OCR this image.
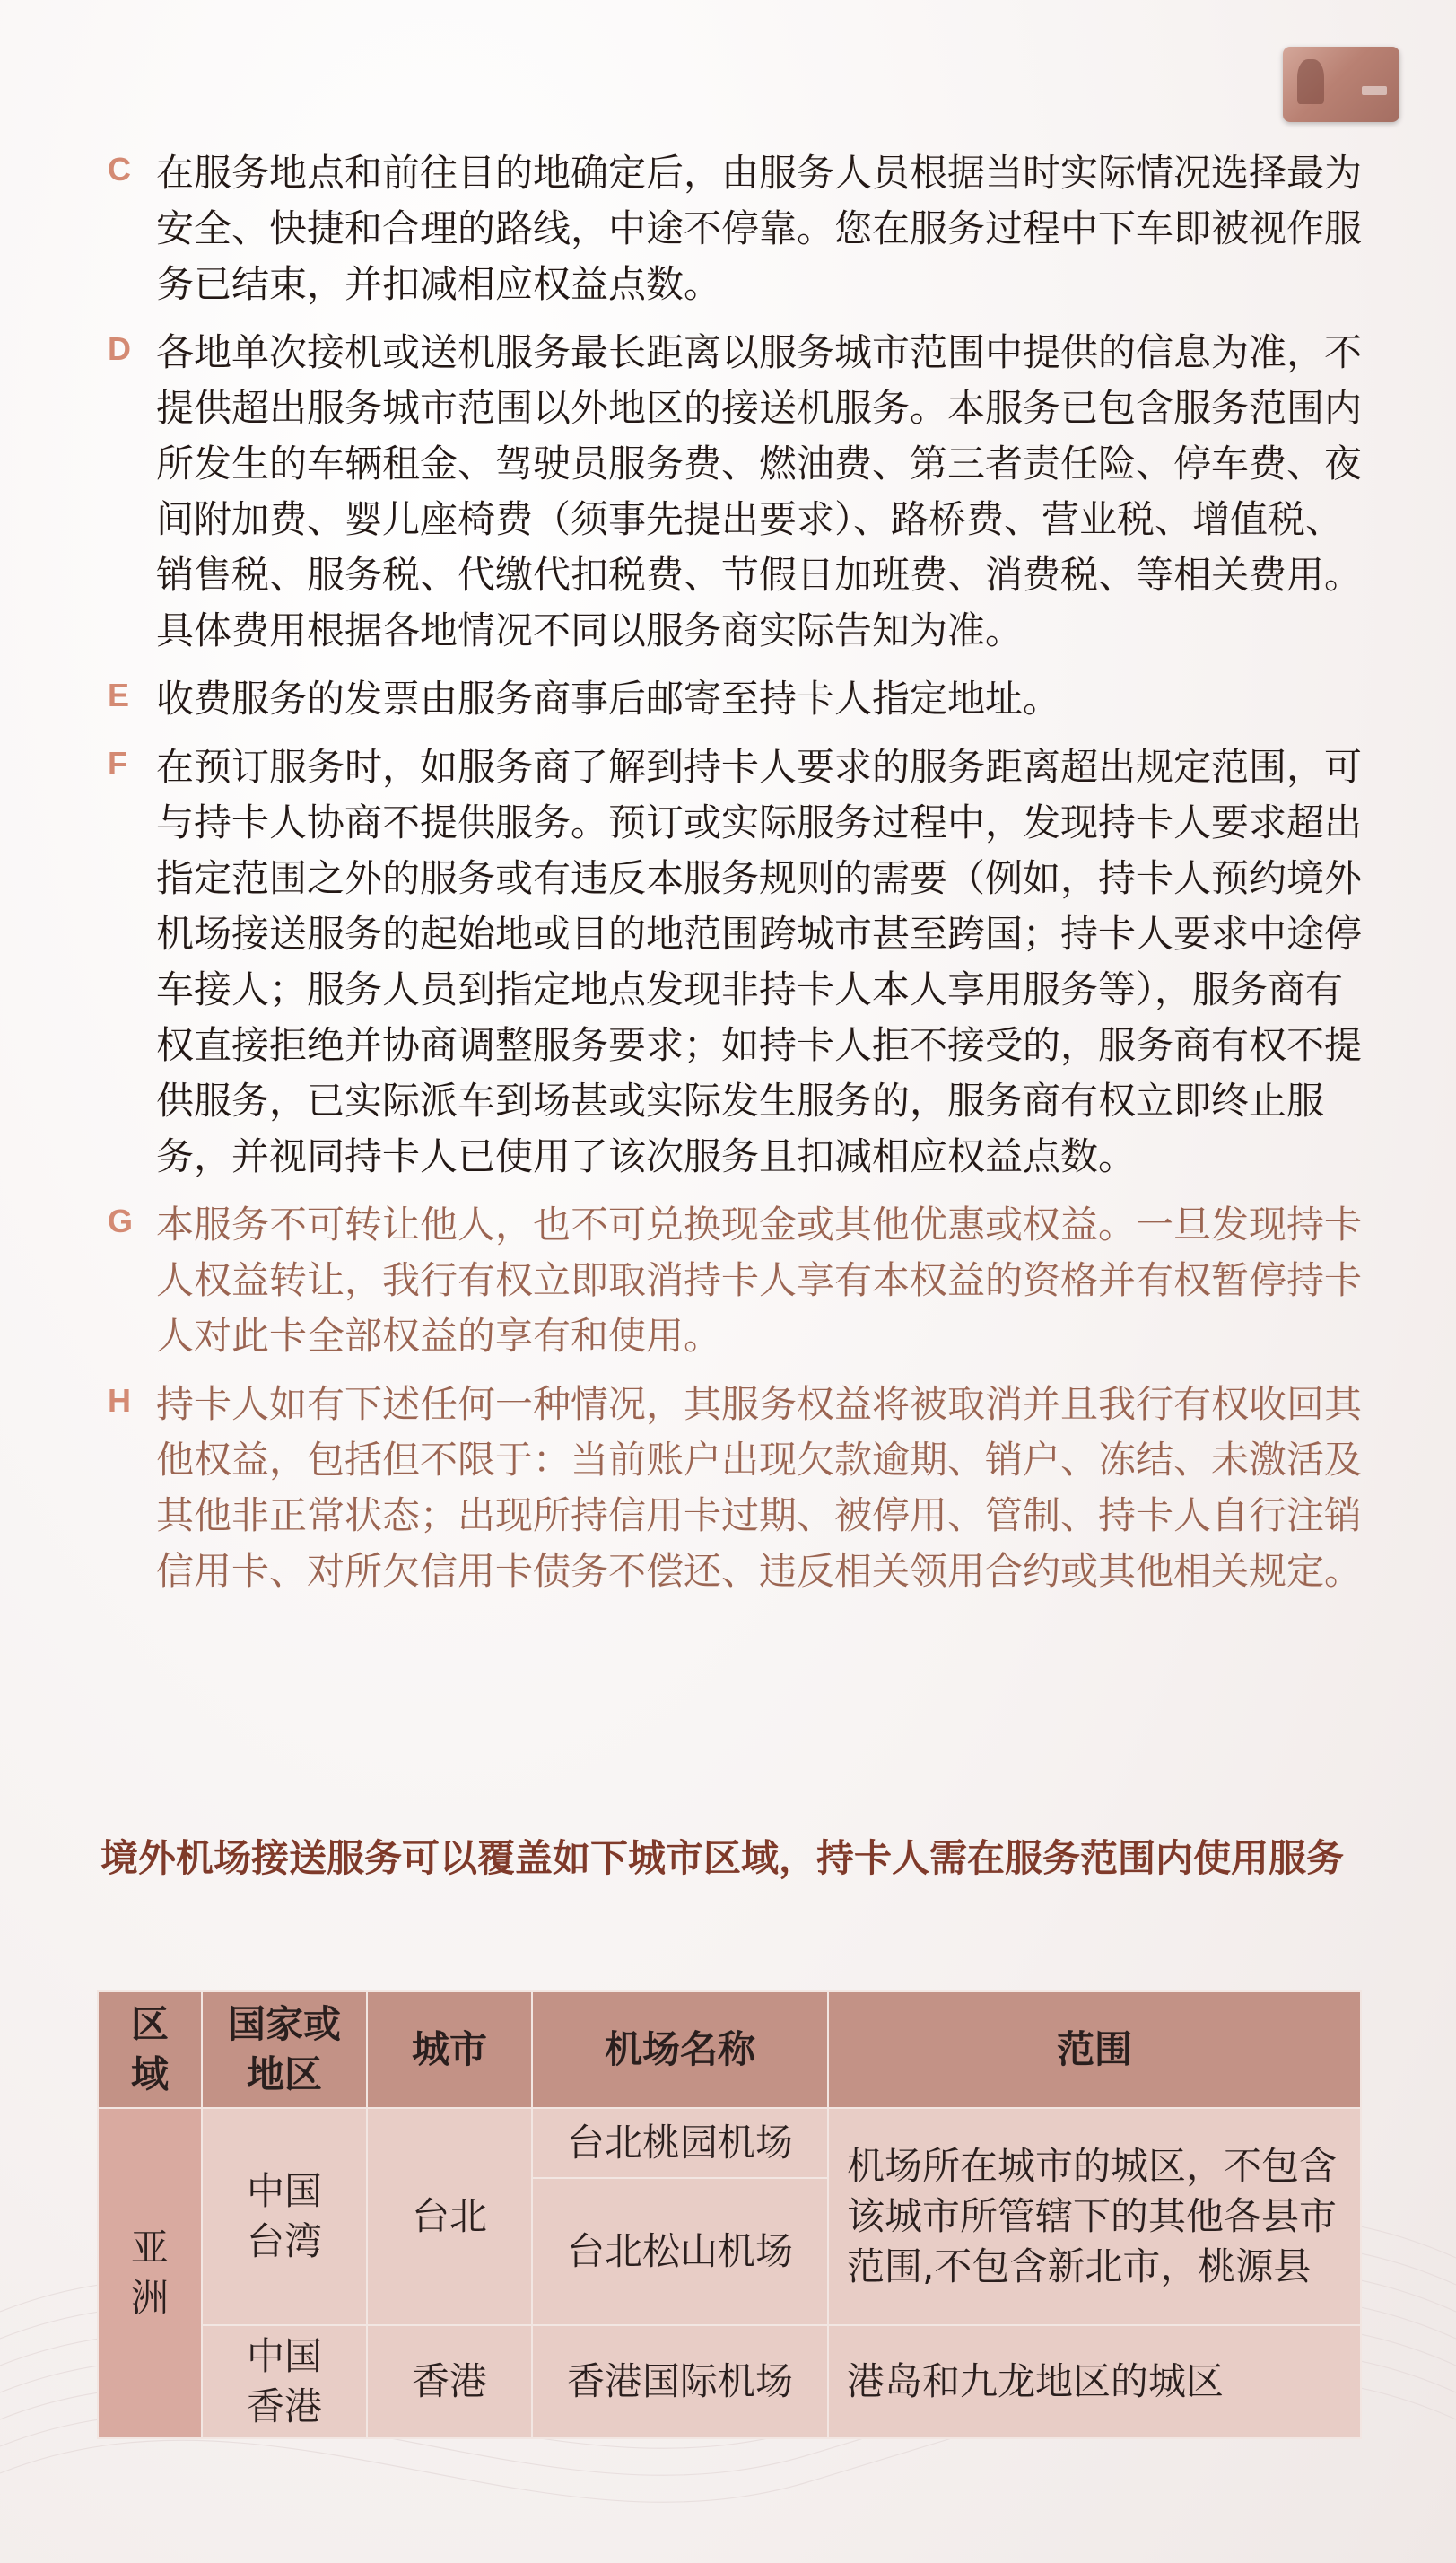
C 在服务地点和前往目的地确定后，由服务人员根据当时实际情况选择最为安全、快捷和合理的路线，中途不停靠。您在服务过程中下车即被视作服务已结束，并扣减相应权益点数。
D 各地单次接机或送机服务最长距离以服务城市范围中提供的信息为准，不提供超出服务城市范围以外地区的接送机服务。本服务已包含服务范围内所发生的车辆租金、驾驶员服务费、燃油费、第三者责任险、停车费、夜间附加费、婴儿座椅费（须事先提出要求）、路桥费、营业税、增值税、销售税、服务税、代缴代扣税费、节假日加班费、消费税、等相关费用。具体费用根据各地情况不同以服务商实际告知为准。
E 收费服务的发票由服务商事后邮寄至持卡人指定地址。
F 在预订服务时，如服务商了解到持卡人要求的服务距离超出规定范围，可与持卡人协商不提供服务。预订或实际服务过程中，发现持卡人要求超出指定范围之外的服务或有违反本服务规则的需要（例如，持卡人预约境外机场接送服务的起始地或目的地范围跨城市甚至跨国；持卡人要求中途停车接人；服务人员到指定地点发现非持卡人本人享用服务等），服务商有权直接拒绝并协商调整服务要求；如持卡人拒不接受的，服务商有权不提供服务，已实际派车到场甚或实际发生服务的，服务商有权立即终止服务，并视同持卡人已使用了该次服务且扣减相应权益点数。
G 本服务不可转让他人，也不可兑换现金或其他优惠或权益。一旦发现持卡人权益转让，我行有权立即取消持卡人享有本权益的资格并有权暂停持卡人对此卡全部权益的享有和使用。
H 持卡人如有下述任何一种情况，其服务权益将被取消并且我行有权收回其他权益，包括但不限于：当前账户出现欠款逾期、销户、冻结、未激活及其他非正常状态；出现所持信用卡过期、被停用、管制、持卡人自行注销信用卡、对所欠信用卡债务不偿还、违反相关领用合约或其他相关规定。
境外机场接送服务可以覆盖如下城市区域，持卡人需在服务范围内使用服务
区域	国家或地区	城市	机场名称	范围

亚洲	中国台湾	台北	台北桃园机场	机场所在城市的城区，不包含该城市所管辖下的其他各县市范围,不包含新北市，桃源县
			台北松山机场	

	中国香港	香港	香港国际机场	港岛和九龙地区的城区
